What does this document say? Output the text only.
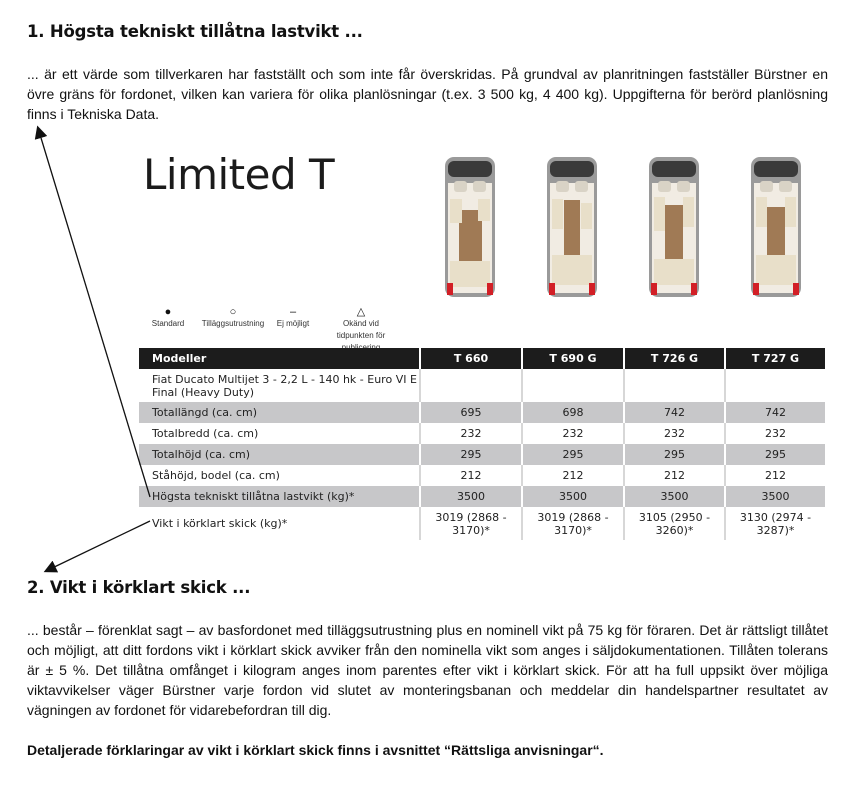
1. Högsta tekniskt tillåtna lastvikt ...

... är ett värde som tillverkaren har fastställt och som inte får överskridas. På grundval av planritningen fastställer Bürstner en övre gräns för fordonet, vilken kan variera för olika planlösningar (t.ex. 3 500 kg, 4 400 kg). Uppgifterna för berörd planlösning finns i Tekniska Data.

Limited T
●
Standard
○
Tilläggsutrustning
–
Ej möjligt
△
Okänd vid tidpunkten för
Modeller	T 660	T 690 G	T 726 G	T 727 G
Fiat Ducato Multijet 3 - 2,2 L - 140 hk - Euro VI E Final (Heavy Duty)				
Totallängd (ca. cm)	695	698	742	742
Totalbredd (ca. cm)	232	232	232	232
Totalhöjd (ca. cm)	295	295	295	295
Ståhöjd, bodel (ca. cm)	212	212	212	212
Högsta tekniskt tillåtna lastvikt (kg)*	3500	3500	3500	3500
Vikt i körklart skick (kg)*	3019 (2868 - 3170)*	3019 (2868 - 3170)*	3105 (2950 - 3260)*	3130 (2974 - 3287)*
2. Vikt i körklart skick ...

... består – förenklat sagt – av basfordonet med tilläggsutrustning plus en nominell vikt på 75 kg för föraren. Det är rättsligt tillåtet och möjligt, att ditt fordons vikt i körklart skick avviker från den nominella vikt som anges i säljdokumentationen. Tillåten tolerans är ± 5 %. Det tillåtna omfånget i kilogram anges inom parentes efter vikt i körklart skick. För att ha full uppsikt över möjliga viktavvikelser väger Bürstner varje fordon vid slutet av monteringsbanan och meddelar din handelspartner resultatet av vägningen av fordonet för vidarebefordran till dig.

Detaljerade förklaringar av vikt i körklart skick finns i avsnittet “Rättsliga anvisningar“.
